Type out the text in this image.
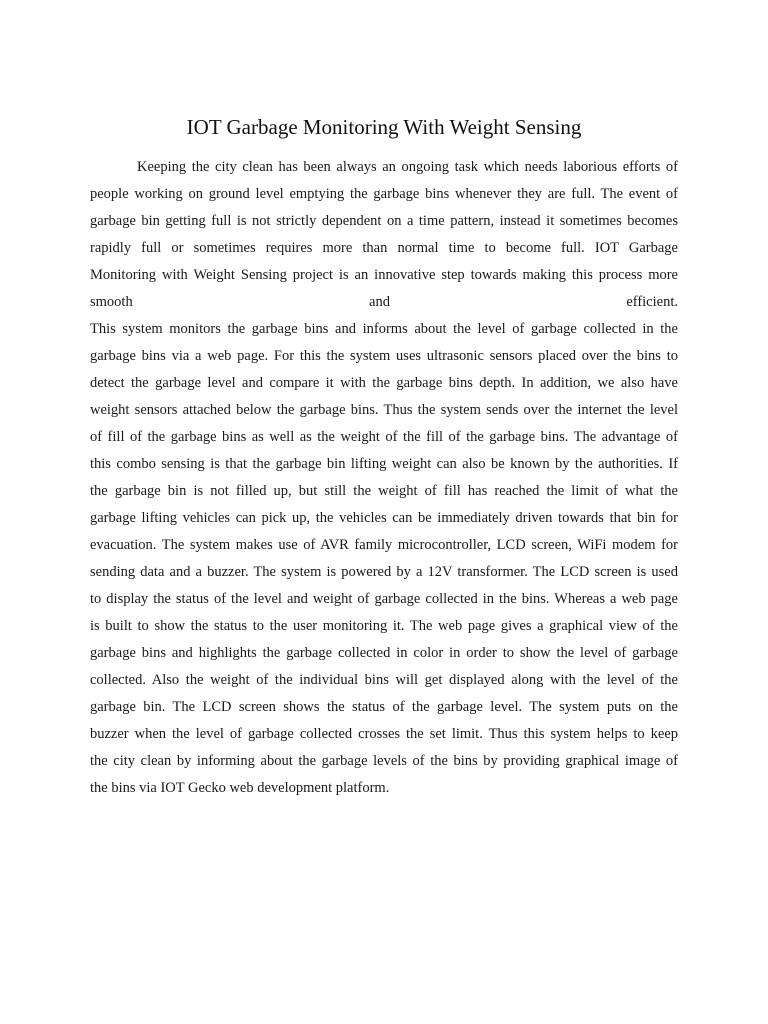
IOT Garbage Monitoring With Weight Sensing
Keeping the city clean has been always an ongoing task which needs laborious efforts of
people working on ground level emptying the garbage bins whenever they are full. The event of
garbage bin getting full is not strictly dependent on a time pattern, instead it sometimes becomes
rapidly full or sometimes requires more than normal time to become full. IOT Garbage
Monitoring with Weight Sensing project is an innovative step towards making this process more
smooth and efficient.
This system monitors the garbage bins and informs about the level of garbage collected in the
garbage bins via a web page. For this the system uses ultrasonic sensors placed over the bins to
detect the garbage level and compare it with the garbage bins depth. In addition, we also have
weight sensors attached below the garbage bins. Thus the system sends over the internet the level
of fill of the garbage bins as well as the weight of the fill of the garbage bins. The advantage of
this combo sensing is that the garbage bin lifting weight can also be known by the authorities. If
the garbage bin is not filled up, but still the weight of fill has reached the limit of what the
garbage lifting vehicles can pick up, the vehicles can be immediately driven towards that bin for
evacuation. The system makes use of AVR family microcontroller, LCD screen, WiFi modem for
sending data and a buzzer. The system is powered by a 12V transformer. The LCD screen is used
to display the status of the level and weight of garbage collected in the bins. Whereas a web page
is built to show the status to the user monitoring it. The web page gives a graphical view of the
garbage bins and highlights the garbage collected in color in order to show the level of garbage
collected. Also the weight of the individual bins will get displayed along with the level of the
garbage bin. The LCD screen shows the status of the garbage level. The system puts on the
buzzer when the level of garbage collected crosses the set limit. Thus this system helps to keep
the city clean by informing about the garbage levels of the bins by providing graphical image of
the bins via IOT Gecko web development platform.
